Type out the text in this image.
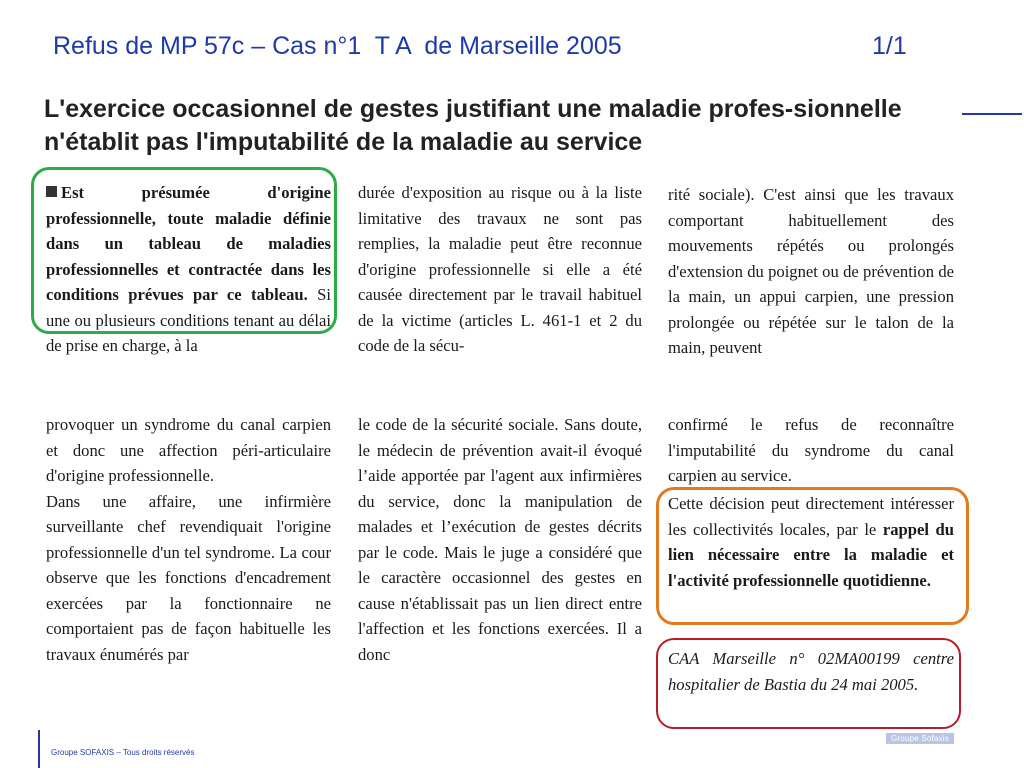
Refus de MP 57c – Cas n°1  T A  de Marseille 2005	1/1
L'exercice occasionnel de gestes justifiant une maladie profes-sionnelle n'établit pas l'imputabilité de la maladie au service

Est présumée d'origine professionnelle, toute maladie définie dans un tableau de maladies professionnelles et contractée dans les conditions prévues par ce tableau. Si une ou plusieurs conditions tenant au délai de prise en charge, à la

provoquer un syndrome du canal carpien et donc une affection péri-articulaire d'origine professionnelle.

Dans une affaire, une infirmière surveillante chef revendiquait l'origine professionnelle d'un tel syndrome. La cour observe que les fonctions d'encadrement exercées par la fonctionnaire ne comportaient pas de façon habituelle les travaux énumérés par

durée d'exposition au risque ou à la liste limitative des travaux ne sont pas remplies, la maladie peut être reconnue d'origine professionnelle si elle a été causée directement par le travail habituel de la victime (articles L. 461-1 et 2 du code de la sécu-

le code de la sécurité sociale. Sans doute, le médecin de prévention avait-il évoqué l’aide apportée par l'agent aux infirmières du service, donc la manipulation de malades et l’exécution de gestes décrits par le code. Mais le juge a considéré que le caractère occasionnel des gestes en cause n'établissait pas un lien direct entre l'affection et les fonctions exercées. Il a donc

rité sociale). C'est ainsi que les travaux comportant habituellement des mouvements répétés ou prolongés d'extension du poignet ou de prévention de la main, un appui carpien, une pression prolongée ou répétée sur le talon de la main, peuvent

confirmé le refus de reconnaître l'imputabilité du syndrome du canal carpien au service.

Cette décision peut directement intéresser les collectivités locales, par le rappel du lien nécessaire entre la maladie et l'activité professionnelle quotidienne.

CAA Marseille n° 02MA00199 centre hospitalier de Bastia du 24 mai 2005.

Groupe SOFAXIS – Tous droits réservés
Groupe Sofaxis
